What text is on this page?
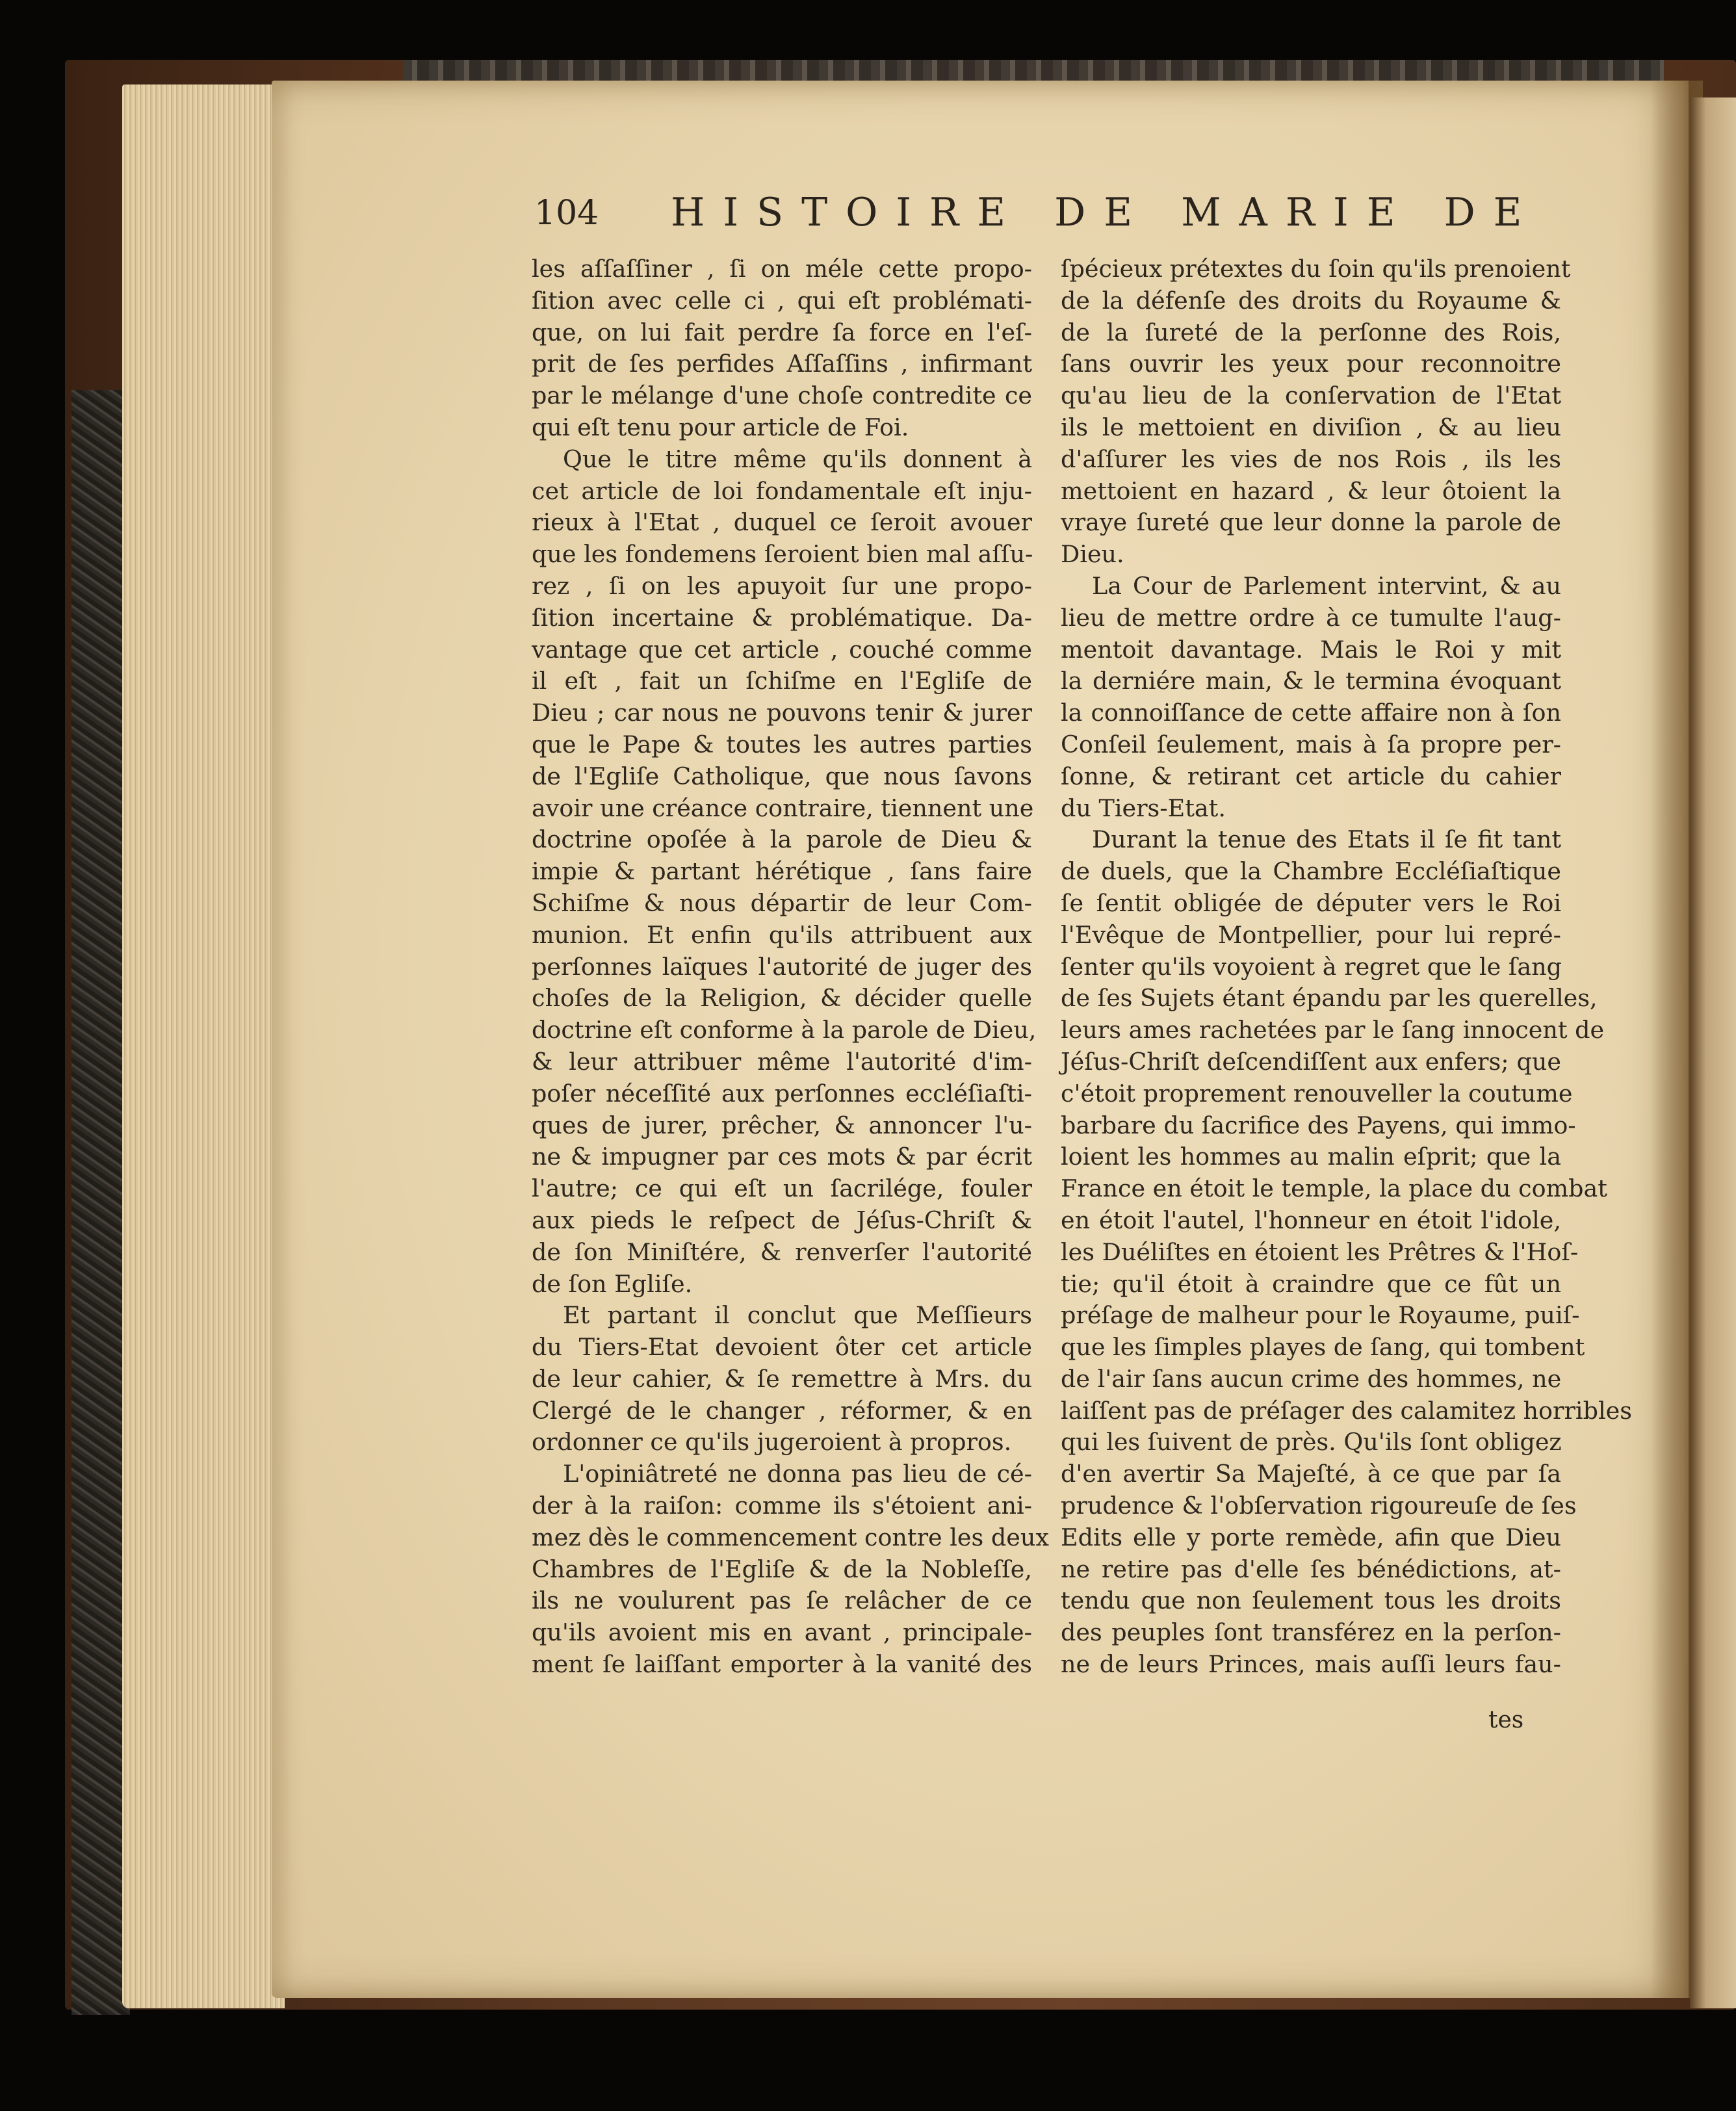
104 HISTOIRE DE MARIE DE

les aſſaſſiner , ſi on méle cette propo-

ſition avec celle ci , qui eſt problémati-

que, on lui fait perdre ſa force en l'eſ-

prit de ſes perfides Aſſaſſins , infirmant

par le mélange d'une choſe contredite ce

qui eſt tenu pour article de Foi.

Que le titre même qu'ils donnent à

cet article de loi fondamentale eſt inju-

rieux à l'Etat , duquel ce ſeroit avouer

que les fondemens ſeroient bien mal aſſu-

rez , ſi on les apuyoit ſur une propo-

ſition incertaine & problématique. Da-

vantage que cet article , couché comme

il eſt , fait un ſchiſme en l'Egliſe de

Dieu ; car nous ne pouvons tenir & jurer

que le Pape & toutes les autres parties

de l'Egliſe Catholique, que nous ſavons

avoir une créance contraire, tiennent une

doctrine opoſée à la parole de Dieu &

impie & partant hérétique , ſans faire

Schiſme & nous départir de leur Com-

munion. Et enfin qu'ils attribuent aux

perſonnes laïques l'autorité de juger des

choſes de la Religion, & décider quelle

doctrine eſt conforme à la parole de Dieu,

& leur attribuer même l'autorité d'im-

poſer néceſſité aux perſonnes eccléſiaſti-

ques de jurer, prêcher, & annoncer l'u-

ne & impugner par ces mots & par écrit

l'autre; ce qui eſt un ſacrilége, fouler

aux pieds le reſpect de Jéſus-Chriſt &

de ſon Miniſtére, & renverſer l'autorité

de ſon Egliſe.

Et partant il conclut que Meſſieurs

du Tiers-Etat devoient ôter cet article

de leur cahier, & ſe remettre à Mrs. du

Clergé de le changer , réformer, & en

ordonner ce qu'ils jugeroient à propros.

L'opiniâtreté ne donna pas lieu de cé-

der à la raiſon: comme ils s'étoient ani-

mez dès le commencement contre les deux

Chambres de l'Egliſe & de la Nobleſſe,

ils ne voulurent pas ſe relâcher de ce

qu'ils avoient mis en avant , principale-

ment ſe laiſſant emporter à la vanité des

ſpécieux prétextes du ſoin qu'ils prenoient

de la défenſe des droits du Royaume &

de la ſureté de la perſonne des Rois,

ſans ouvrir les yeux pour reconnoitre

qu'au lieu de la conſervation de l'Etat

ils le mettoient en diviſion , & au lieu

d'aſſurer les vies de nos Rois , ils les

mettoient en hazard , & leur ôtoient la

vraye ſureté que leur donne la parole de

Dieu.

La Cour de Parlement intervint, & au

lieu de mettre ordre à ce tumulte l'aug-

mentoit davantage. Mais le Roi y mit

la derniére main, & le termina évoquant

la connoiſſance de cette affaire non à ſon

Conſeil ſeulement, mais à ſa propre per-

ſonne, & retirant cet article du cahier

du Tiers-Etat.

Durant la tenue des Etats il ſe fit tant

de duels, que la Chambre Eccléſiaſtique

ſe ſentit obligée de députer vers le Roi

l'Evêque de Montpellier, pour lui repré-

ſenter qu'ils voyoient à regret que le ſang

de ſes Sujets étant épandu par les querelles,

leurs ames rachetées par le ſang innocent de

Jéſus-Chriſt deſcendiſſent aux enfers; que

c'étoit proprement renouveller la coutume

barbare du ſacrifice des Payens, qui immo-

loient les hommes au malin eſprit; que la

France en étoit le temple, la place du combat

en étoit l'autel, l'honneur en étoit l'idole,

les Duéliſtes en étoient les Prêtres & l'Hoſ-

tie; qu'il étoit à craindre que ce fût un

préſage de malheur pour le Royaume, puiſ-

que les ſimples playes de ſang, qui tombent

de l'air ſans aucun crime des hommes, ne

laiſſent pas de préſager des calamitez horribles

qui les ſuivent de près. Qu'ils ſont obligez

d'en avertir Sa Majeſté, à ce que par ſa

prudence & l'obſervation rigoureuſe de ſes

Edits elle y porte remède, afin que Dieu

ne retire pas d'elle ſes bénédictions, at-

tendu que non ſeulement tous les droits

des peuples ſont transférez en la perſon-

ne de leurs Princes, mais auſſi leurs fau-

tes
